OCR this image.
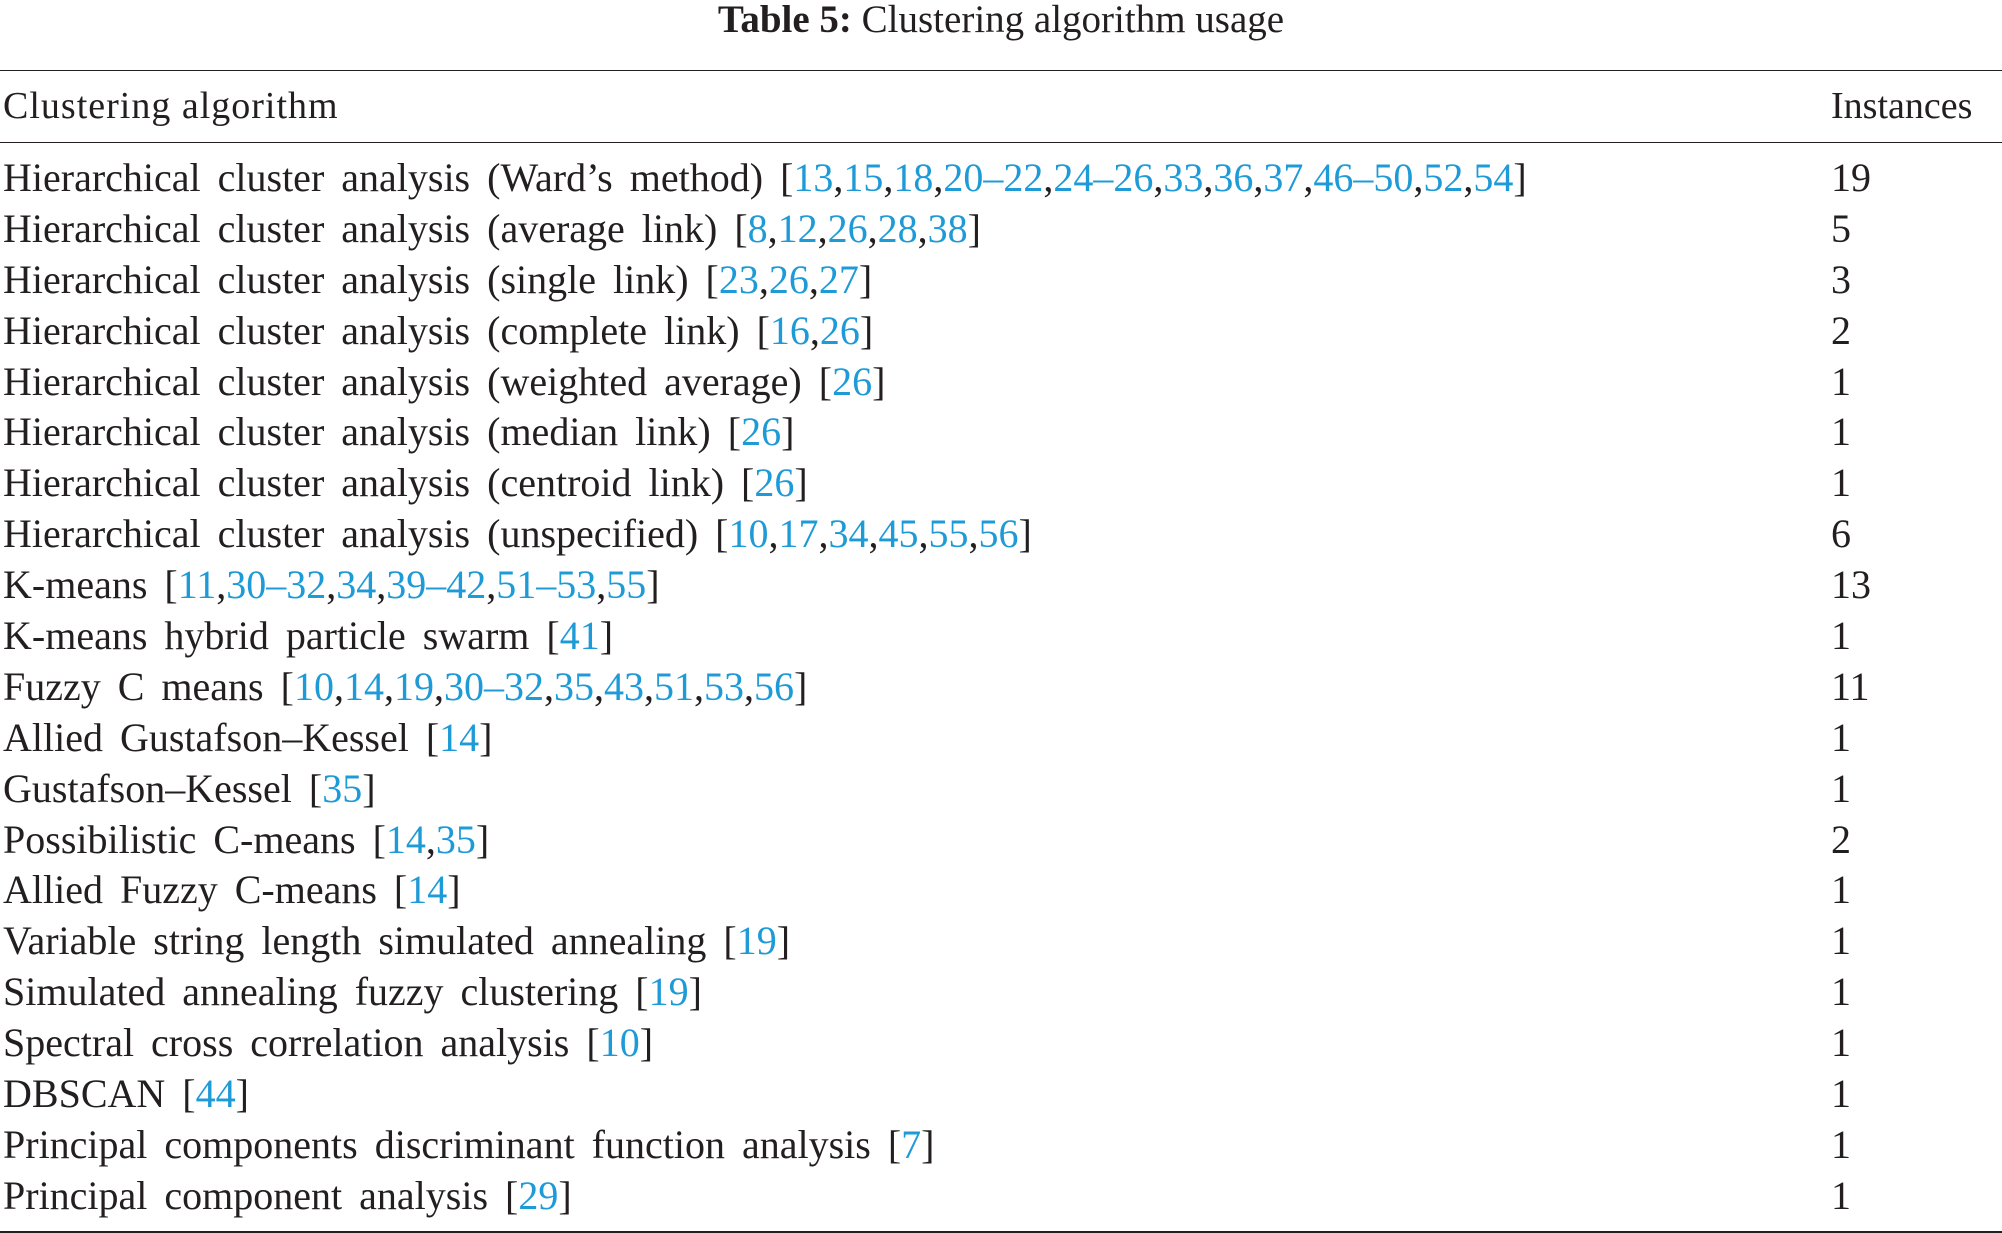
Table 5: Clustering algorithm usage
Clustering algorithm	Instances
Hierarchical cluster analysis (Ward’s method) [13,15,18,20–22,24–26,33,36,37,46–50,52,54]	19
Hierarchical cluster analysis (average link) [8,12,26,28,38]	5
Hierarchical cluster analysis (single link) [23,26,27]	3
Hierarchical cluster analysis (complete link) [16,26]	2
Hierarchical cluster analysis (weighted average) [26]	1
Hierarchical cluster analysis (median link) [26]	1
Hierarchical cluster analysis (centroid link) [26]	1
Hierarchical cluster analysis (unspecified) [10,17,34,45,55,56]	6
K-means [11,30–32,34,39–42,51–53,55]	13
K-means hybrid particle swarm [41]	1
Fuzzy C means [10,14,19,30–32,35,43,51,53,56]	11
Allied Gustafson–Kessel [14]	1
Gustafson–Kessel [35]	1
Possibilistic C-means [14,35]	2
Allied Fuzzy C-means [14]	1
Variable string length simulated annealing [19]	1
Simulated annealing fuzzy clustering [19]	1
Spectral cross correlation analysis [10]	1
DBSCAN [44]	1
Principal components discriminant function analysis [7]	1
Principal component analysis [29]	1
